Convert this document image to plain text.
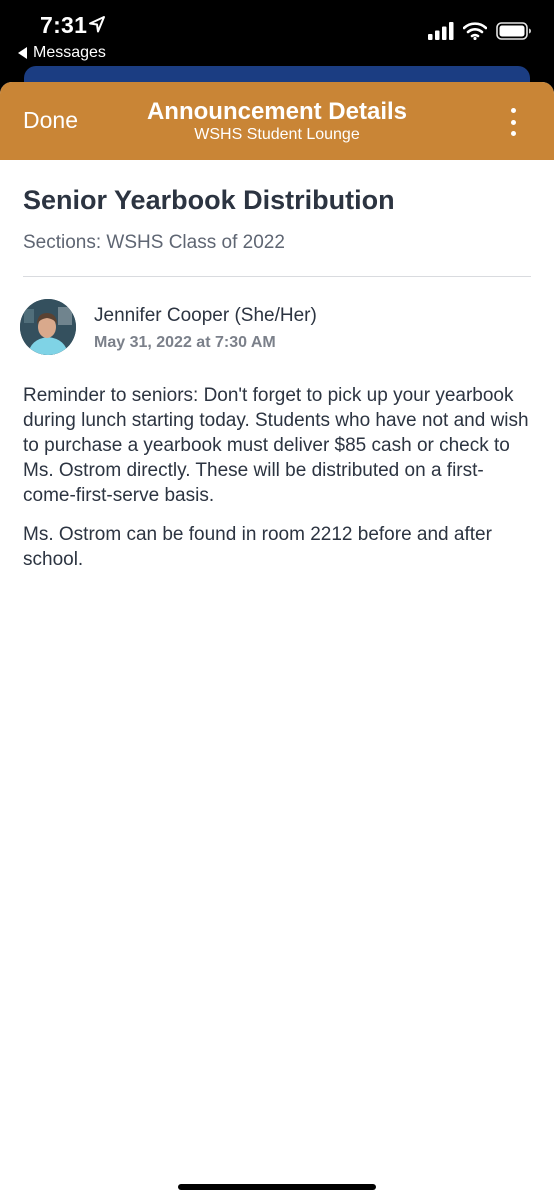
7:31
Messages
Done	Announcement Details
WSHS Student Lounge
Senior Yearbook Distribution
Sections: WSHS Class of 2022
Jennifer Cooper (She/Her)
May 31, 2022 at 7:30 AM

Reminder to seniors: Don't forget to pick up your yearbook during lunch starting today. Students who have not and wish to purchase a yearbook must deliver $85 cash or check to Ms. Ostrom directly. These will be distributed on a first-come-first-serve basis.

Ms. Ostrom can be found in room 2212 before and after school.
